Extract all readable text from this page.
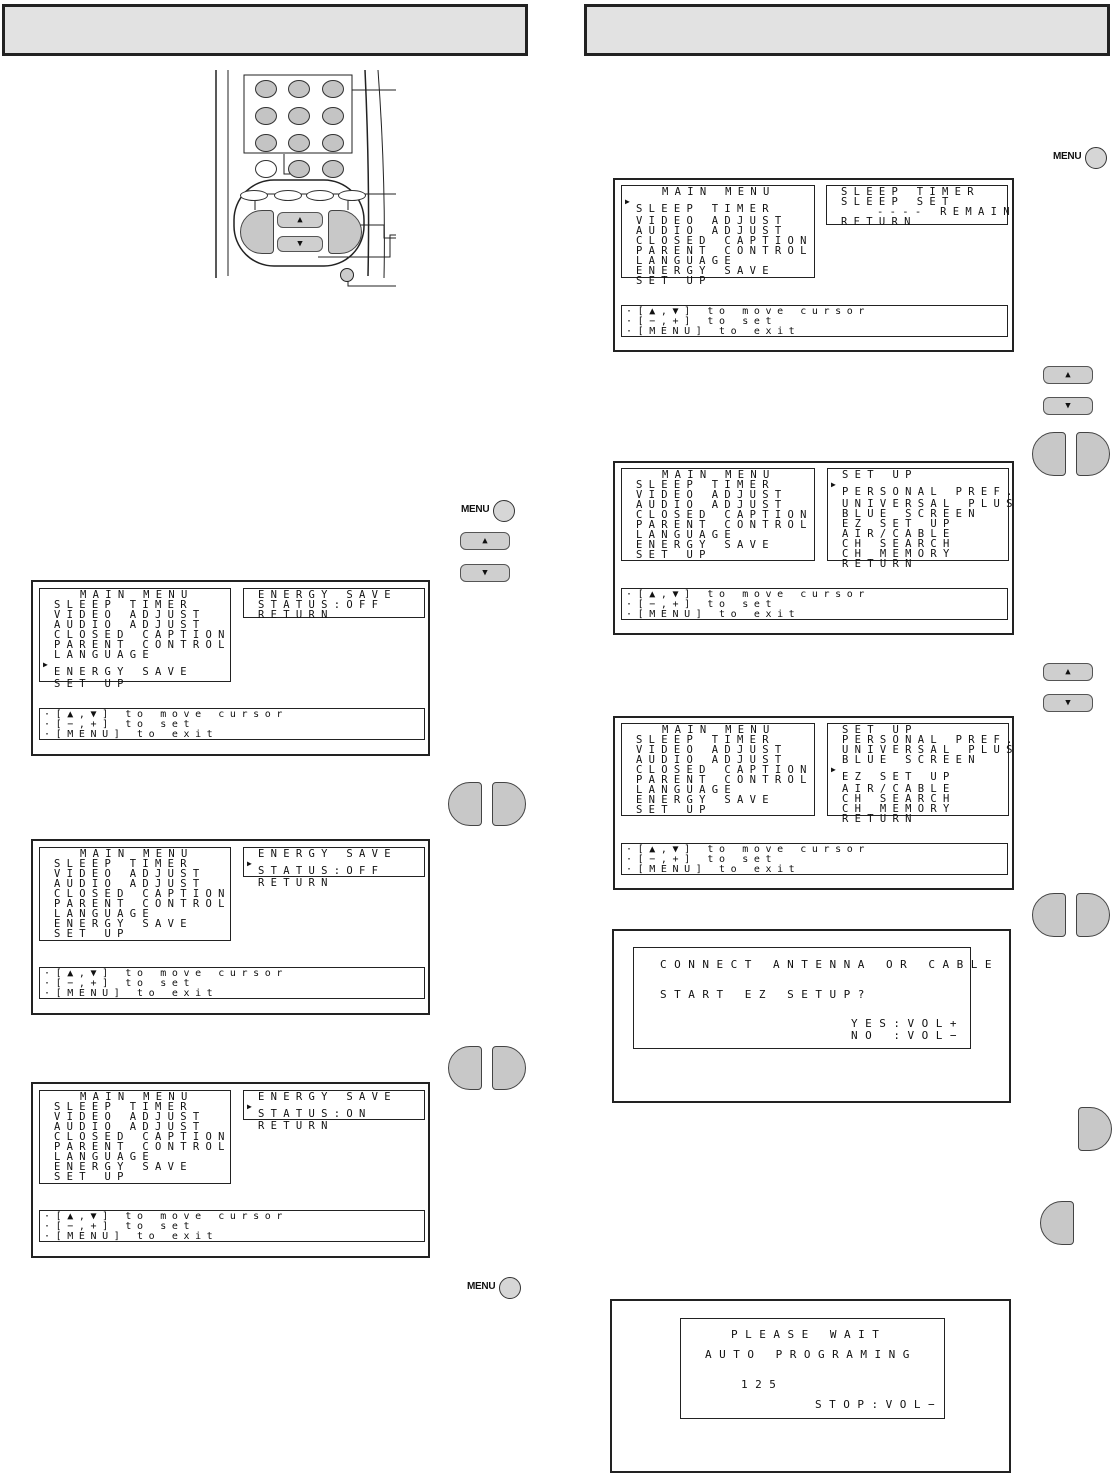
▲
▼
MENU
▲
▼
MAIN MENU
SLEEP TIMER
VIDEO ADJUST
AUDIO ADJUST
CLOSED CAPTION
PARENT CONTROL
LANGUAGE
▶
ENERGY SAVE
SET UP
ENERGY SAVE
STATUS:OFF
RETURN
·[▲,▼] to move cursor
·[−,+] to set
·[MENU] to exit
MAIN MENU
SLEEP TIMER
VIDEO ADJUST
AUDIO ADJUST
CLOSED CAPTION
PARENT CONTROL
LANGUAGE
ENERGY SAVE
SET UP
ENERGY SAVE
▶
STATUS:OFF
RETURN
·[▲,▼] to move cursor
·[−,+] to set
·[MENU] to exit
MAIN MENU
SLEEP TIMER
VIDEO ADJUST
AUDIO ADJUST
CLOSED CAPTION
PARENT CONTROL
LANGUAGE
ENERGY SAVE
SET UP
ENERGY SAVE
▶
STATUS:ON
RETURN
·[▲,▼] to move cursor
·[−,+] to set
·[MENU] to exit
MENU
MENU
MAIN MENU
▶
SLEEP TIMER
VIDEO ADJUST
AUDIO ADJUST
CLOSED CAPTION
PARENT CONTROL
LANGUAGE
ENERGY SAVE
SET UP
SLEEP TIMER
SLEEP SET
---- REMAIN
RETURN
·[▲,▼] to move cursor
·[−,+] to set
·[MENU] to exit
▲
▼
MAIN MENU
SLEEP TIMER
VIDEO ADJUST
AUDIO ADJUST
CLOSED CAPTION
PARENT CONTROL
LANGUAGE
ENERGY SAVE
SET UP
SET UP
▶
PERSONAL PREF.
UNIVERSAL PLUS
BLUE SCREEN
EZ SET UP
AIR/CABLE
CH SEARCH
CH MEMORY
RETURN
·[▲,▼] to move cursor
·[−,+] to set
·[MENU] to exit
▲
▼
MAIN MENU
SLEEP TIMER
VIDEO ADJUST
AUDIO ADJUST
CLOSED CAPTION
PARENT CONTROL
LANGUAGE
ENERGY SAVE
SET UP
SET UP
PERSONAL PREF.
UNIVERSAL PLUS
BLUE SCREEN
▶
EZ SET UP
AIR/CABLE
CH SEARCH
CH MEMORY
RETURN
·[▲,▼] to move cursor
·[−,+] to set
·[MENU] to exit
CONNECT ANTENNA OR CABLE
START EZ SETUP?
YES:VOL+
NO :VOL−
PLEASE WAIT
AUTO PROGRAMING
125
STOP:VOL−
